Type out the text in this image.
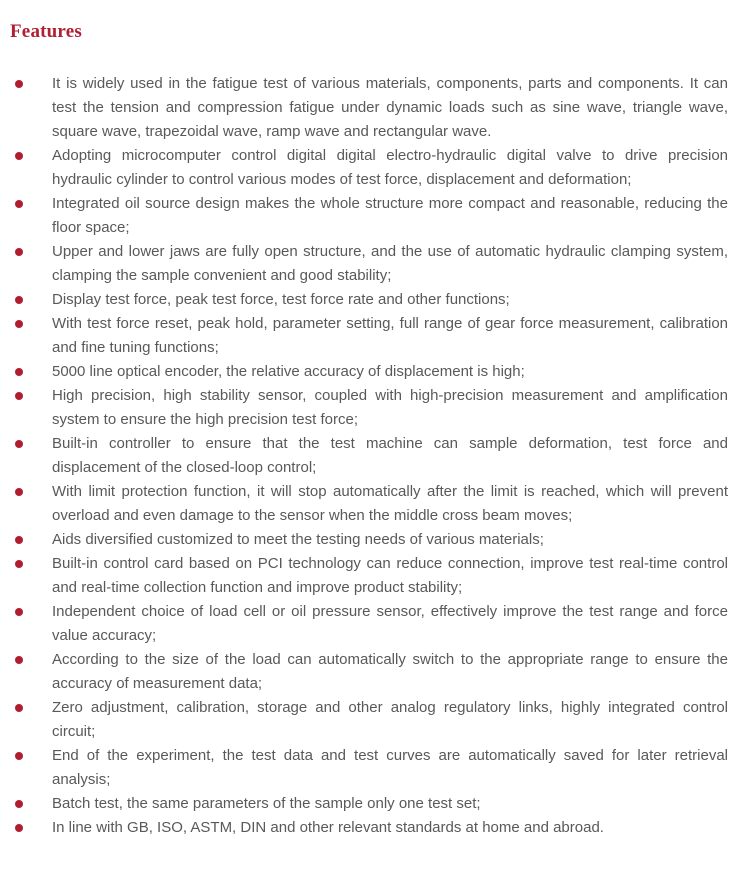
Features

It is widely used in the fatigue test of various materials, components, parts and components. It can test the tension and compression fatigue under dynamic loads such as sine wave, triangle wave, square wave, trapezoidal wave, ramp wave and rectangular wave.

Adopting microcomputer control digital digital electro-hydraulic digital valve to drive precision hydraulic cylinder to control various modes of test force, displacement and deformation;

Integrated oil source design makes the whole structure more compact and reasonable, reducing the floor space;

Upper and lower jaws are fully open structure, and the use of automatic hydraulic clamping system, clamping the sample convenient and good stability;

Display test force, peak test force, test force rate and other functions;

With test force reset, peak hold, parameter setting, full range of gear force measurement, calibration and fine tuning functions;

5000 line optical encoder, the relative accuracy of displacement is high;

High precision, high stability sensor, coupled with high-precision measurement and amplification system to ensure the high precision test force;

Built-in controller to ensure that the test machine can sample deformation, test force and displacement of the closed-loop control;

With limit protection function, it will stop automatically after the limit is reached, which will prevent overload and even damage to the sensor when the middle cross beam moves;

Aids diversified customized to meet the testing needs of various materials;

Built-in control card based on PCI technology can reduce connection, improve test real-time control and real-time collection function and improve product stability;

Independent choice of load cell or oil pressure sensor, effectively improve the test range and force value accuracy;

According to the size of the load can automatically switch to the appropriate range to ensure the accuracy of measurement data;

Zero adjustment, calibration, storage and other analog regulatory links, highly integrated control circuit;

End of the experiment, the test data and test curves are automatically saved for later retrieval analysis;

Batch test, the same parameters of the sample only one test set;

In line with GB, ISO, ASTM, DIN and other relevant standards at home and abroad.
